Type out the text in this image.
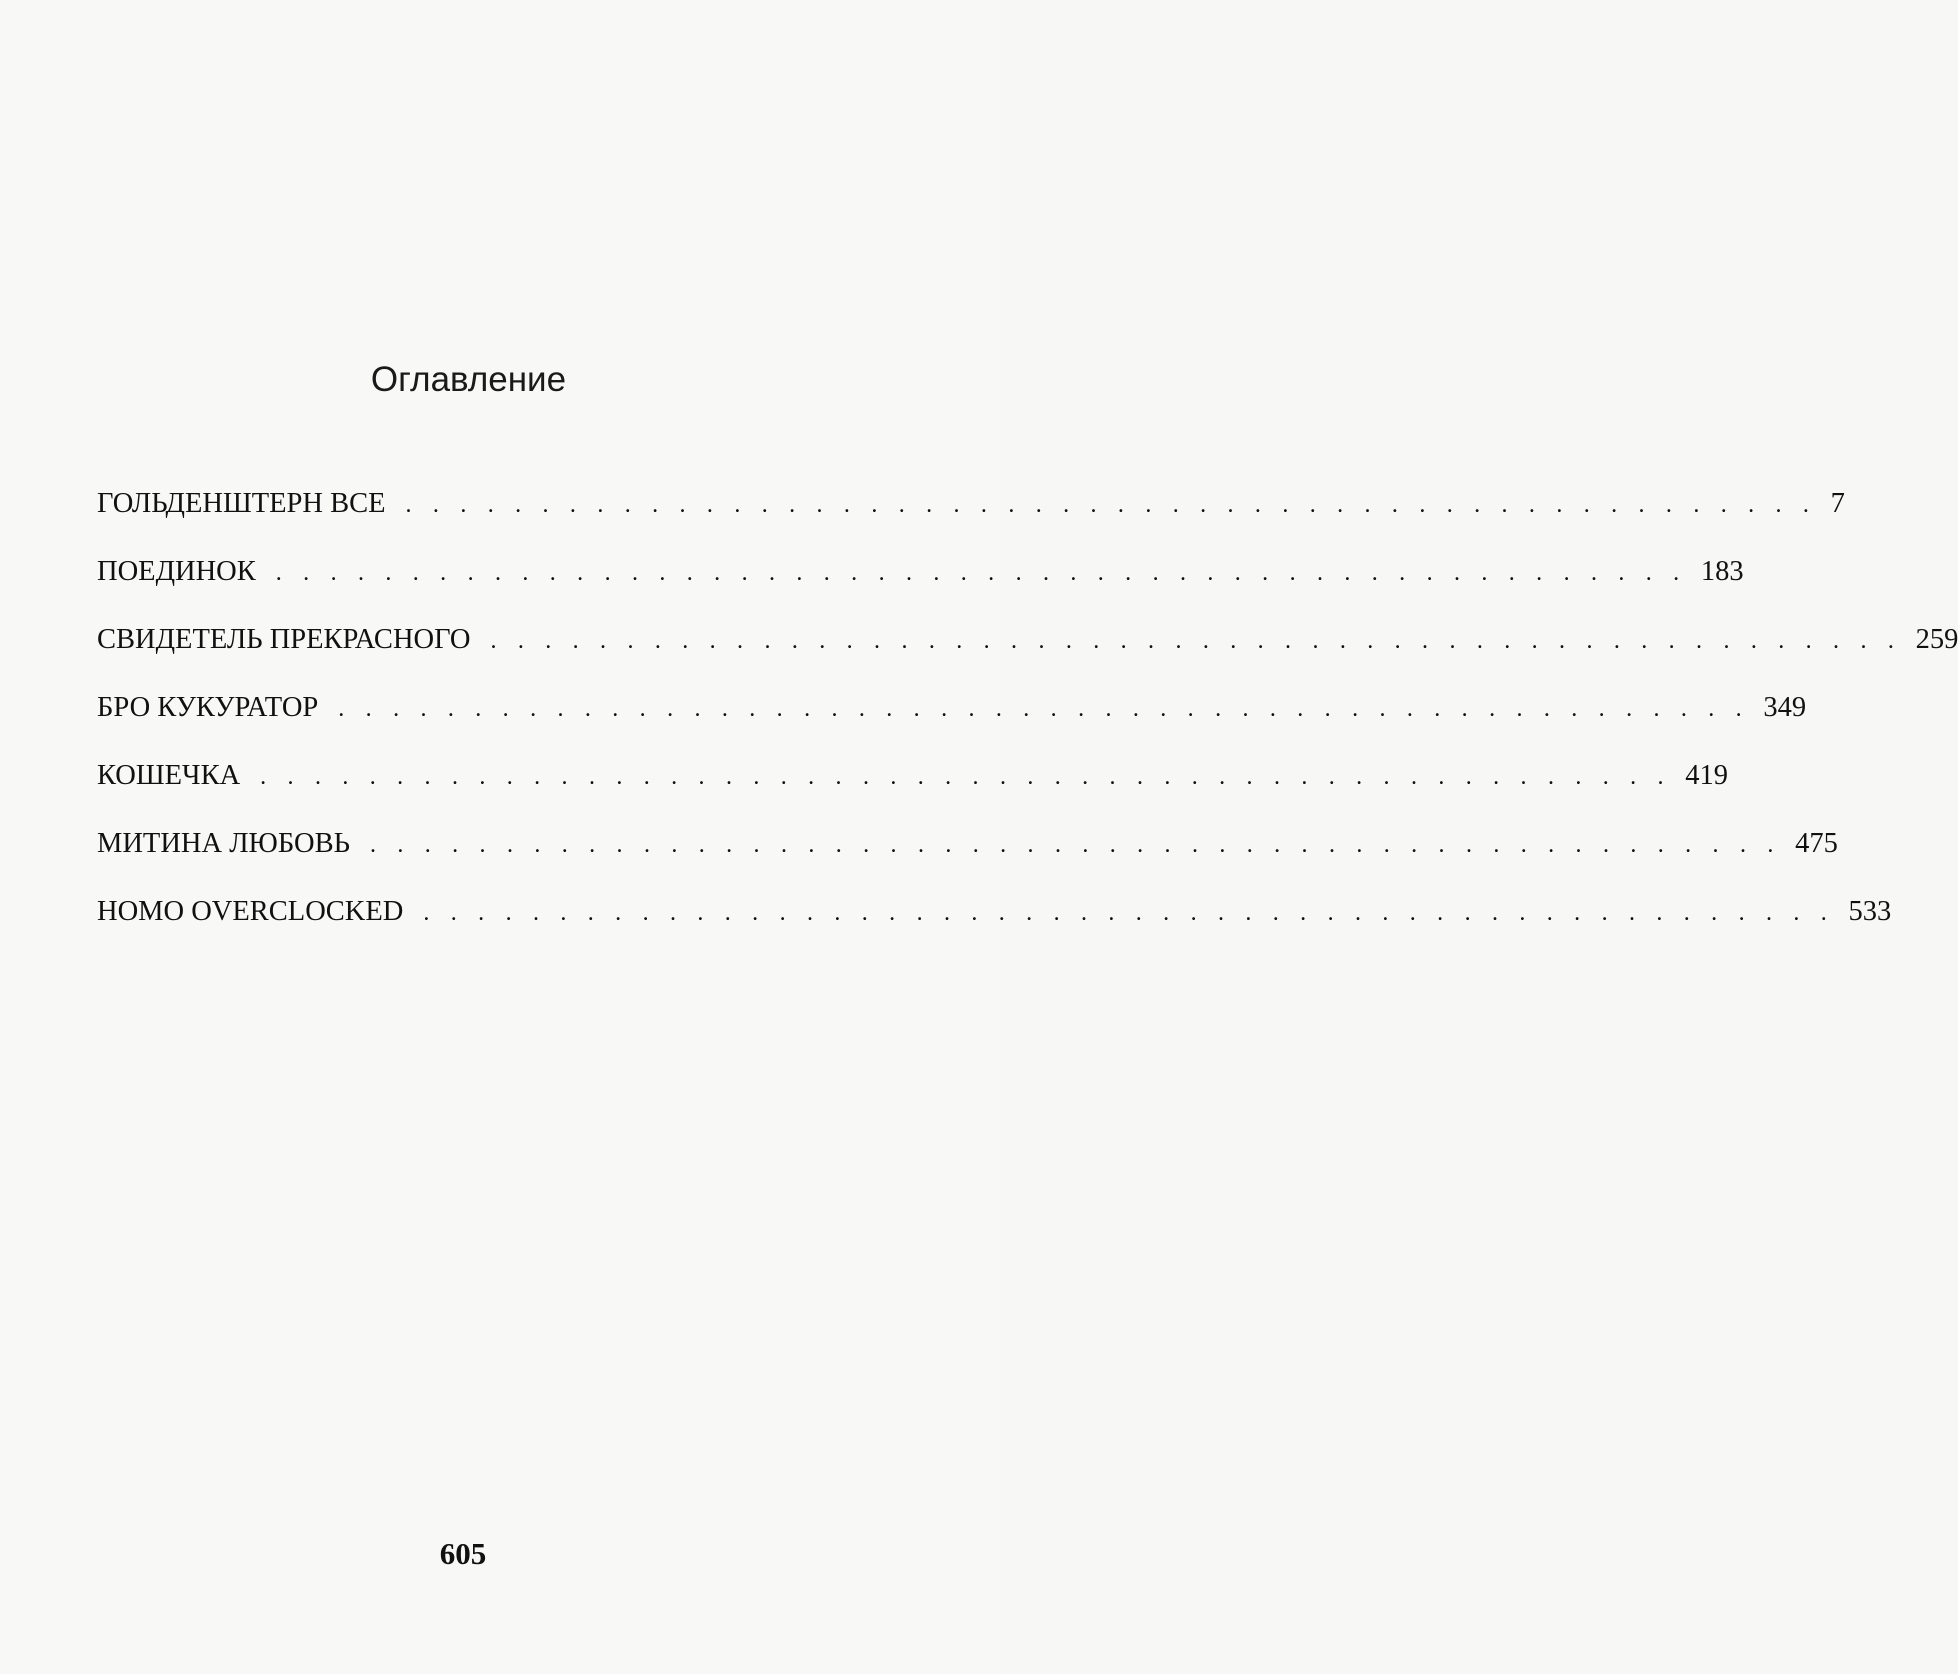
Оглавление
ГОЛЬДЕНШТЕРН ВСЕ . . . . . . . . . . . . . . . . . . . . . . . . . . . . . . . . . . . . . . . . . . . . . . . . . . . . 7
ПОЕДИНОК . . . . . . . . . . . . . . . . . . . . . . . . . . . . . . . . . . . . . . . . . . . . . . . . . . . . 183
СВИДЕТЕЛЬ ПРЕКРАСНОГО . . . . . . . . . . . . . . . . . . . . . . . . . . . . . . . . . . . . . . . . . . . . . . . . . . . . 259
БРО КУКУРАТОР . . . . . . . . . . . . . . . . . . . . . . . . . . . . . . . . . . . . . . . . . . . . . . . . . . . . 349
КОШЕЧКА . . . . . . . . . . . . . . . . . . . . . . . . . . . . . . . . . . . . . . . . . . . . . . . . . . . . 419
МИТИНА ЛЮБОВЬ . . . . . . . . . . . . . . . . . . . . . . . . . . . . . . . . . . . . . . . . . . . . . . . . . . . . 475
HOMO OVERCLOCKED . . . . . . . . . . . . . . . . . . . . . . . . . . . . . . . . . . . . . . . . . . . . . . . . . . . . 533
605
